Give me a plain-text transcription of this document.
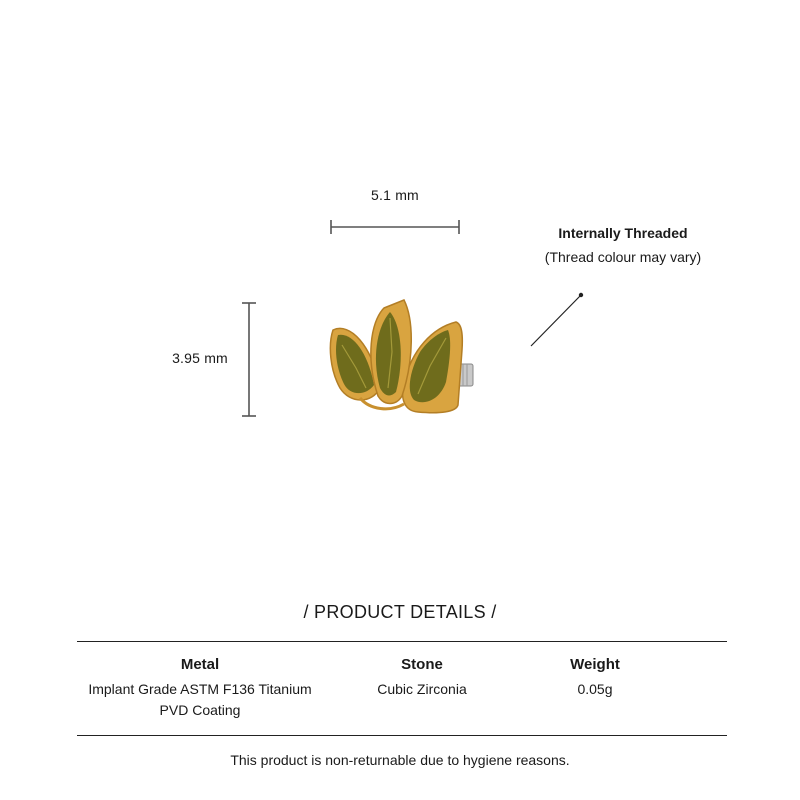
5.1 mm
3.95 mm
Internally Threaded
(Thread colour may vary)
/ PRODUCT DETAILS /
Metal
Implant Grade ASTM F136 Titanium
PVD Coating
Stone
Cubic Zirconia
Weight
0.05g
This product is non-returnable due to hygiene reasons.
